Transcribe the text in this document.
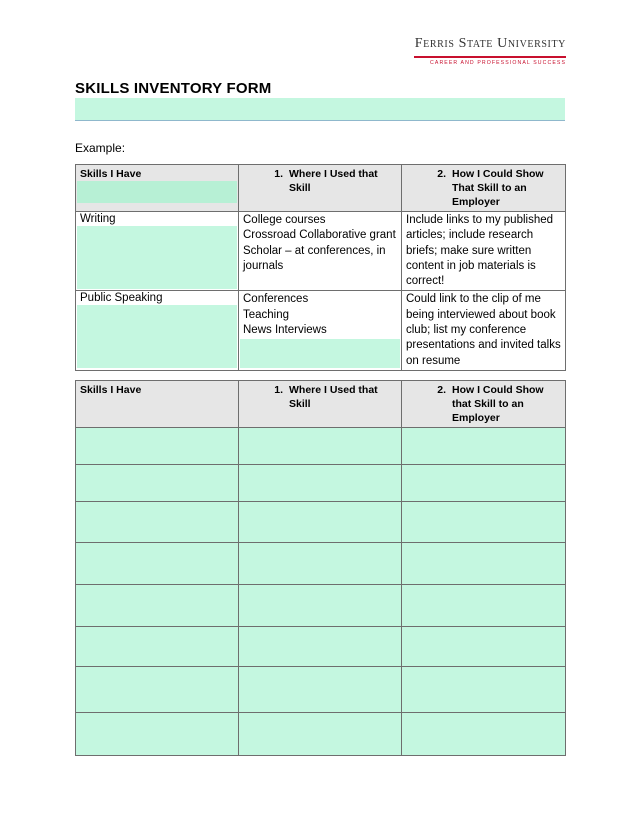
Ferris State University
CAREER AND PROFESSIONAL SUCCESS
SKILLS INVENTORY FORM
Example:
Skills I Have	1. Where I Used that Skill	2. How I Could Show That Skill to an Employer

Writing	College courses
Crossroad Collaborative grant
Scholar – at conferences, in journals	Include links to my published articles; include research briefs; make sure written content in job materials is correct!

Public Speaking	Conferences
Teaching
News Interviews	Could link to the clip of me being interviewed about book club; list my conference presentations and invited talks on resume
Skills I Have	1. Where I Used that Skill	2. How I Could Show that Skill to an Employer
